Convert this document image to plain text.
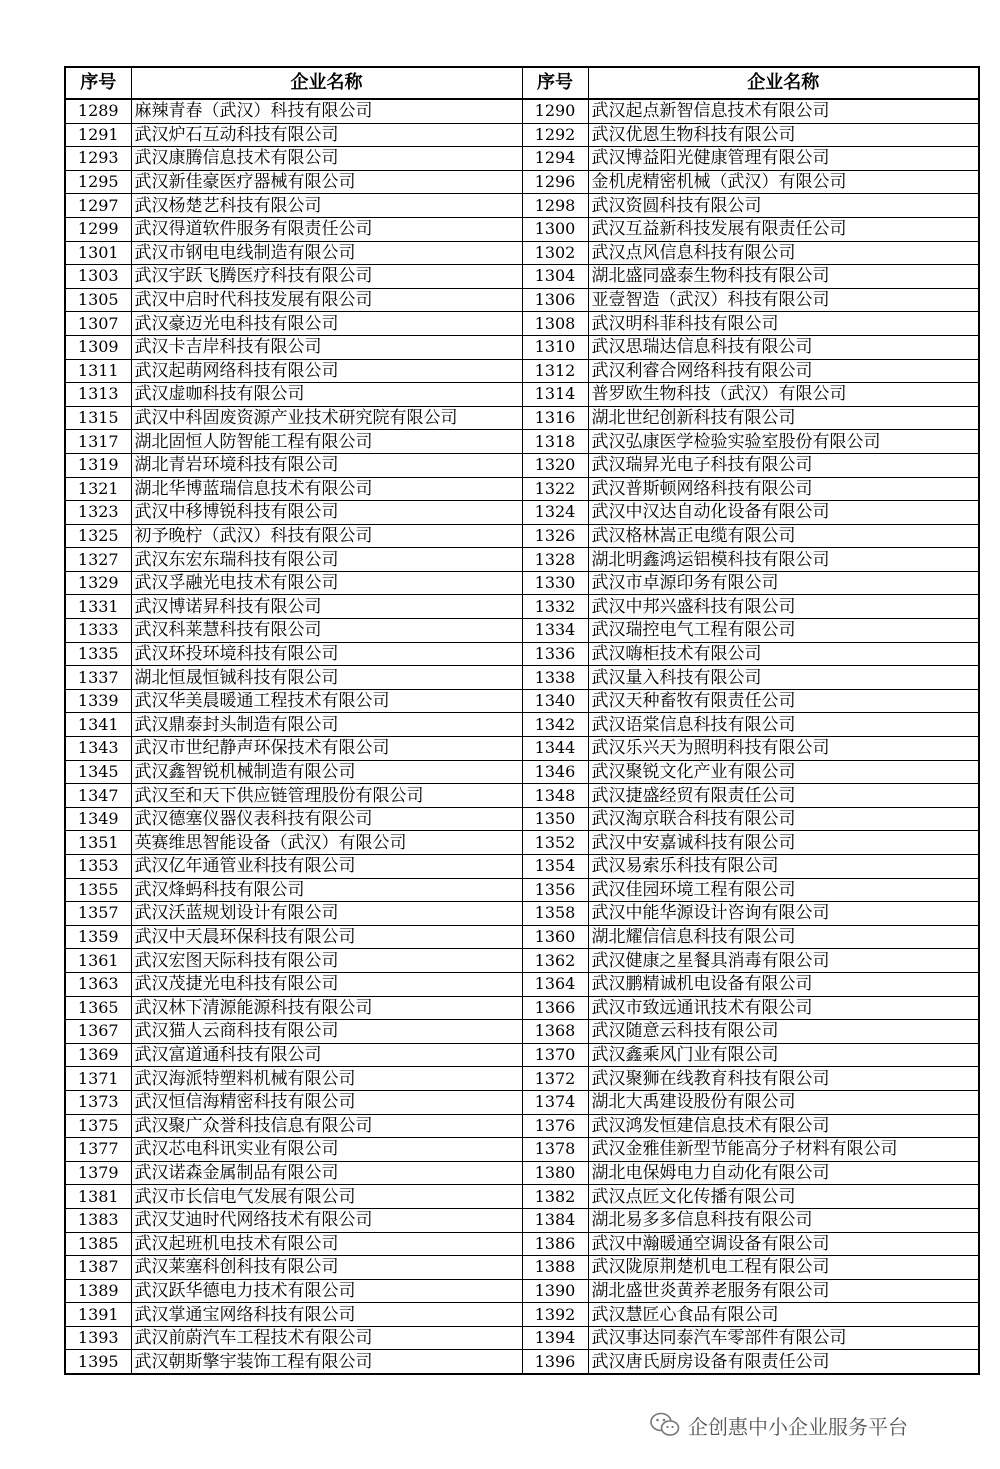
序号	企业名称	序号	企业名称
1289	麻辣青春（武汉）科技有限公司	1290	武汉起点新智信息技术有限公司
1291	武汉炉石互动科技有限公司	1292	武汉优恩生物科技有限公司
1293	武汉康腾信息技术有限公司	1294	武汉博益阳光健康管理有限公司
1295	武汉新佳豪医疗器械有限公司	1296	金机虎精密机械（武汉）有限公司
1297	武汉杨楚艺科技有限公司	1298	武汉资圆科技有限公司
1299	武汉得道软件服务有限责任公司	1300	武汉互益新科技发展有限责任公司
1301	武汉市钢电电线制造有限公司	1302	武汉点风信息科技有限公司
1303	武汉宇跃飞腾医疗科技有限公司	1304	湖北盛同盛泰生物科技有限公司
1305	武汉中启时代科技发展有限公司	1306	亚壹智造（武汉）科技有限公司
1307	武汉豪迈光电科技有限公司	1308	武汉明科菲科技有限公司
1309	武汉卡吉岸科技有限公司	1310	武汉思瑞达信息科技有限公司
1311	武汉起萌网络科技有限公司	1312	武汉利睿合网络科技有限公司
1313	武汉虚咖科技有限公司	1314	普罗欧生物科技（武汉）有限公司
1315	武汉中科固废资源产业技术研究院有限公司	1316	湖北世纪创新科技有限公司
1317	湖北固恒人防智能工程有限公司	1318	武汉弘康医学检验实验室股份有限公司
1319	湖北青岩环境科技有限公司	1320	武汉瑞昇光电子科技有限公司
1321	湖北华博蓝瑞信息技术有限公司	1322	武汉普斯顿网络科技有限公司
1323	武汉中移博锐科技有限公司	1324	武汉中汉达自动化设备有限公司
1325	初予晚柠（武汉）科技有限公司	1326	武汉格林嵩正电缆有限公司
1327	武汉东宏东瑞科技有限公司	1328	湖北明鑫鸿运铝模科技有限公司
1329	武汉孚融光电技术有限公司	1330	武汉市卓源印务有限公司
1331	武汉博诺昇科技有限公司	1332	武汉中邦兴盛科技有限公司
1333	武汉科莱慧科技有限公司	1334	武汉瑞控电气工程有限公司
1335	武汉环投环境科技有限公司	1336	武汉嗨柜技术有限公司
1337	湖北恒晟恒铖科技有限公司	1338	武汉量入科技有限公司
1339	武汉华美晨暖通工程技术有限公司	1340	武汉天种畜牧有限责任公司
1341	武汉鼎泰封头制造有限公司	1342	武汉语棠信息科技有限公司
1343	武汉市世纪静声环保技术有限公司	1344	武汉乐兴天为照明科技有限公司
1345	武汉鑫智锐机械制造有限公司	1346	武汉聚锐文化产业有限公司
1347	武汉至和天下供应链管理股份有限公司	1348	武汉捷盛经贸有限责任公司
1349	武汉德塞仪器仪表科技有限公司	1350	武汉淘京联合科技有限公司
1351	英赛维思智能设备（武汉）有限公司	1352	武汉中安嘉诚科技有限公司
1353	武汉亿年通管业科技有限公司	1354	武汉易索乐科技有限公司
1355	武汉烽蚂科技有限公司	1356	武汉佳园环境工程有限公司
1357	武汉沃蓝规划设计有限公司	1358	武汉中能华源设计咨询有限公司
1359	武汉中天晨环保科技有限公司	1360	湖北耀信信息科技有限公司
1361	武汉宏图天际科技有限公司	1362	武汉健康之星餐具消毒有限公司
1363	武汉茂捷光电科技有限公司	1364	武汉鹏精诚机电设备有限公司
1365	武汉林下清源能源科技有限公司	1366	武汉市致远通讯技术有限公司
1367	武汉猫人云商科技有限公司	1368	武汉随意云科技有限公司
1369	武汉富道通科技有限公司	1370	武汉鑫乘风门业有限公司
1371	武汉海派特塑料机械有限公司	1372	武汉聚狮在线教育科技有限公司
1373	武汉恒信海精密科技有限公司	1374	湖北大禹建设股份有限公司
1375	武汉聚广众誉科技信息有限公司	1376	武汉鸿发恒建信息技术有限公司
1377	武汉芯电科讯实业有限公司	1378	武汉金雅佳新型节能高分子材料有限公司
1379	武汉诺森金属制品有限公司	1380	湖北电保姆电力自动化有限公司
1381	武汉市长信电气发展有限公司	1382	武汉点匠文化传播有限公司
1383	武汉艾迪时代网络技术有限公司	1384	湖北易多多信息科技有限公司
1385	武汉起班机电技术有限公司	1386	武汉中瀚暖通空调设备有限公司
1387	武汉莱塞科创科技有限公司	1388	武汉陇原荆楚机电工程有限公司
1389	武汉跃华德电力技术有限公司	1390	湖北盛世炎黄养老服务有限公司
1391	武汉掌通宝网络科技有限公司	1392	武汉慧匠心食品有限公司
1393	武汉前蔚汽车工程技术有限公司	1394	武汉事达同泰汽车零部件有限公司
1395	武汉朝斯擎宇装饰工程有限公司	1396	武汉唐氏厨房设备有限责任公司
企创惠中小企业服务平台
